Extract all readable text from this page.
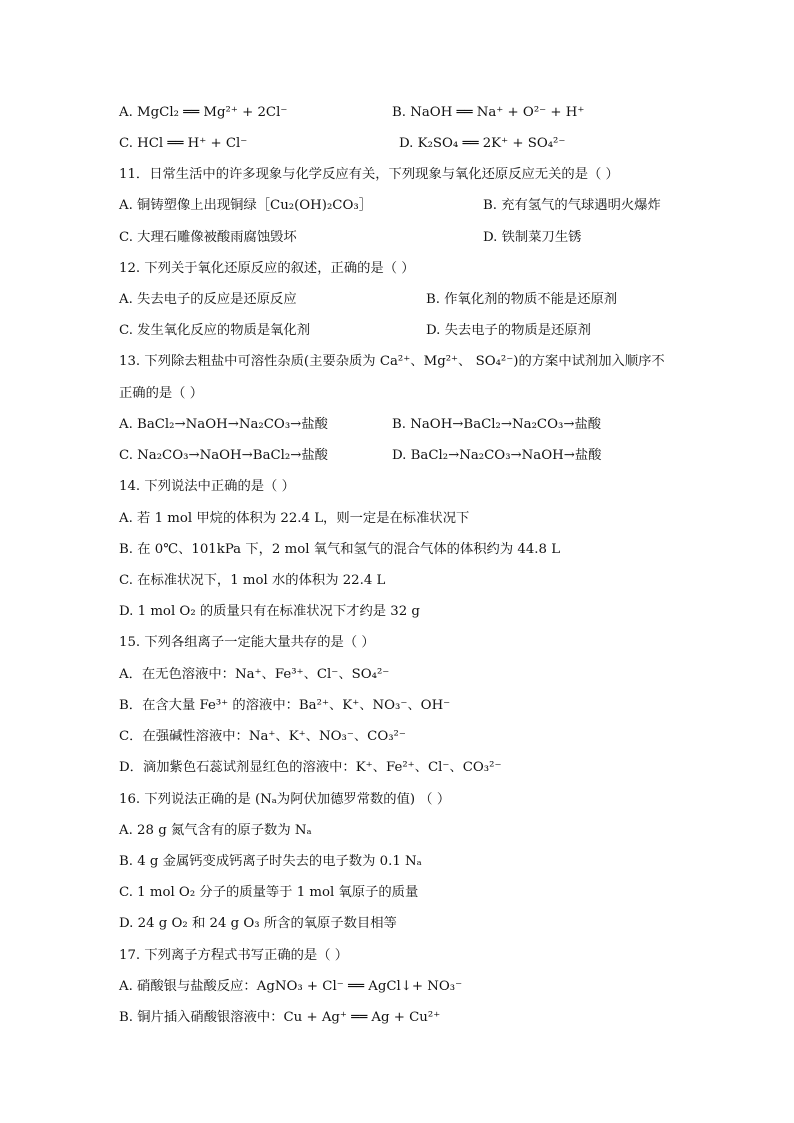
A. MgCl₂ ══ Mg²⁺ + 2Cl⁻	B. NaOH ══ Na⁺ + O²⁻ + H⁺
C. HCl ══ H⁺ + Cl⁻	D. K₂SO₄ ══ 2K⁺ + SO₄²⁻
11．日常生活中的许多现象与化学反应有关，下列现象与氧化还原反应无关的是（ ）
A. 铜铸塑像上出现铜绿［Cu₂(OH)₂CO₃］	B. 充有氢气的气球遇明火爆炸
C. 大理石雕像被酸雨腐蚀毁坏	D. 铁制菜刀生锈
12. 下列关于氧化还原反应的叙述，正确的是（ ）
A. 失去电子的反应是还原反应	B. 作氧化剂的物质不能是还原剂
C. 发生氧化反应的物质是氧化剂	D. 失去电子的物质是还原剂
13. 下列除去粗盐中可溶性杂质(主要杂质为 Ca²⁺、Mg²⁺、 SO₄²⁻)的方案中试剂加入顺序不
正确的是（ ）
A. BaCl₂→NaOH→Na₂CO₃→盐酸	B. NaOH→BaCl₂→Na₂CO₃→盐酸
C. Na₂CO₃→NaOH→BaCl₂→盐酸	D. BaCl₂→Na₂CO₃→NaOH→盐酸
14. 下列说法中正确的是（ ）
A. 若 1 mol 甲烷的体积为 22.4 L，则一定是在标准状况下
B. 在 0℃、101kPa 下，2 mol 氧气和氢气的混合气体的体积约为 44.8 L
C. 在标准状况下，1 mol 水的体积为 22.4 L
D. 1 mol O₂ 的质量只有在标准状况下才约是 32 g
15. 下列各组离子一定能大量共存的是（ ）
A．在无色溶液中：Na⁺、Fe³⁺、Cl⁻、SO₄²⁻
B．在含大量 Fe³⁺ 的溶液中：Ba²⁺、K⁺、NO₃⁻、OH⁻
C．在强碱性溶液中：Na⁺、K⁺、NO₃⁻、CO₃²⁻
D．滴加紫色石蕊试剂显红色的溶液中：K⁺、Fe²⁺、Cl⁻、CO₃²⁻
16. 下列说法正确的是 (Nₐ为阿伏加德罗常数的值) （ ）
A. 28 g 氮气含有的原子数为 Nₐ
B. 4 g 金属钙变成钙离子时失去的电子数为 0.1 Nₐ
C. 1 mol O₂ 分子的质量等于 1 mol 氧原子的质量
D. 24 g O₂ 和 24 g O₃ 所含的氧原子数目相等
17. 下列离子方程式书写正确的是（ ）
A. 硝酸银与盐酸反应：AgNO₃ + Cl⁻ ══ AgCl↓+ NO₃⁻
B. 铜片插入硝酸银溶液中：Cu + Ag⁺ ══ Ag + Cu²⁺
